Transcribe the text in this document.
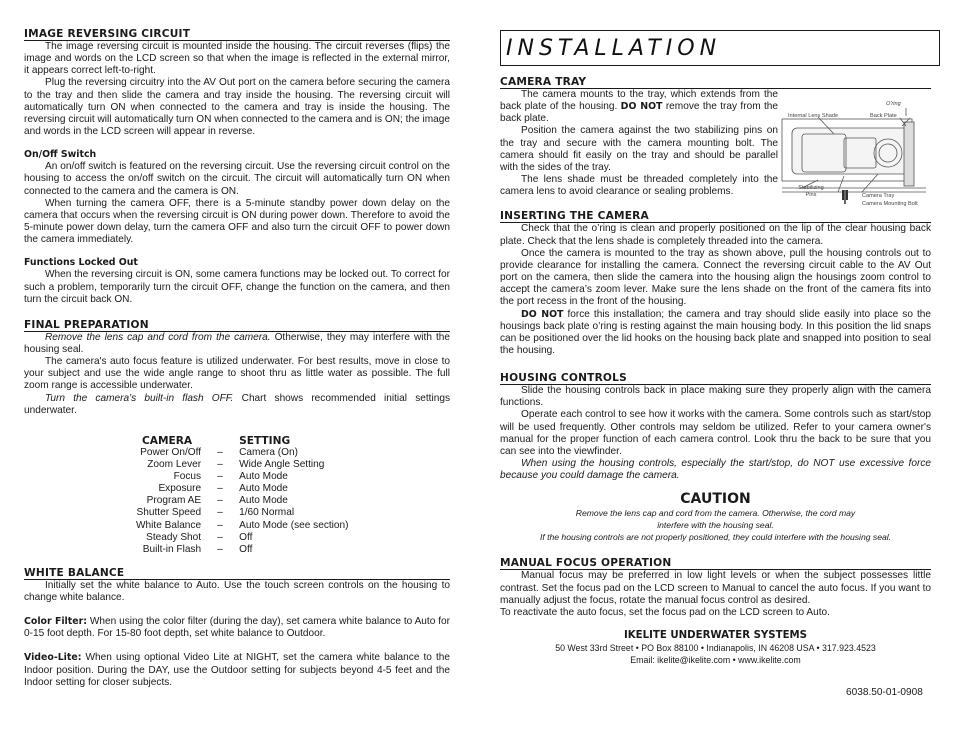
IMAGE REVERSING CIRCUIT

The image reversing circuit is mounted inside the housing. The circuit reverses (flips) the image and words on the LCD screen so that when the image is reflected in the external mirror, it appears correct left-to-right.

Plug the reversing circuitry into the AV Out port on the camera before securing the camera to the tray and then slide the camera and tray inside the housing. The reversing circuit will automatically turn ON when connected to the camera and tray is inside the housing. The reversing circuit will automatically turn ON when connected to the camera and is ON; the image and words in the LCD screen will appear in reverse.

On/Off Switch

An on/off switch is featured on the reversing circuit. Use the reversing circuit control on the housing to access the on/off switch on the circuit. The circuit will automatically turn ON when connected to the camera and the camera is ON.

When turning the camera OFF, there is a 5-minute standby power down delay on the camera that occurs when the reversing circuit is ON during power down. Therefore to avoid the 5-minute power down delay, turn the camera OFF and also turn the circuit OFF to power down the camera immediately.

Functions Locked Out

When the reversing circuit is ON, some camera functions may be locked out. To correct for such a problem, temporarily turn the circuit OFF, change the function on the camera, and then turn the circuit back ON.

FINAL PREPARATION

Remove the lens cap and cord from the camera. Otherwise, they may interfere with the housing seal.

The camera's auto focus feature is utilized underwater. For best results, move in close to your subject and use the wide angle range to shoot thru as little water as possible. The full zoom range is accessible underwater.

Turn the camera’s built-in flash OFF. Chart shows recommended initial settings underwater.

CAMERA		SETTING
Power On/Off	–	Camera (On)
Zoom Lever	–	Wide Angle Setting
Focus	–	Auto Mode
Exposure	–	Auto Mode
Program AE	–	Auto Mode
Shutter Speed	–	1/60 Normal
White Balance	–	Auto Mode (see section)
Steady Shot	–	Off
Built-in Flash	–	Off
WHITE BALANCE

Initially set the white balance to Auto. Use the touch screen controls on the housing to change white balance.

Color Filter: When using the color filter (during the day), set camera white balance to Auto for 0-15 foot depth. For 15-80 foot depth, set white balance to Outdoor.

Video-Lite: When using optional Video Lite at NIGHT, set the camera white balance to the Indoor position. During the DAY, use the Outdoor setting for subjects beyond 4-5 feet and the Indoor setting for closer subjects.

INSTALLATION
CAMERA TRAY

The camera mounts to the tray, which extends from the back plate of the housing. DO NOT remove the tray from the back plate.

Position the camera against the two stabilizing pins on the tray and secure with the camera mounting bolt. The camera should fit easily on the tray and should be parallel with the sides of the tray.

The lens shade must be threaded completely into the camera lens to avoid clearance or sealing problems.

INSERTING THE CAMERA

Check that the o’ring is clean and properly positioned on the lip of the clear housing back plate. Check that the lens shade is completely threaded into the camera.

Once the camera is mounted to the tray as shown above, pull the housing controls out to provide clearance for installing the camera. Connect the reversing circuit cable to the AV Out port on the camera, then slide the camera into the housing align the housings zoom control to accept the camera’s zoom lever. Make sure the lens shade on the front of the camera fits into the port recess in the front of the housing.

DO NOT force this installation; the camera and tray should slide easily into place so the housings back plate o’ring is resting against the main housing body. In this position the lid snaps can be positioned over the lid hooks on the housing back plate and snapped into position to seal the housing.

HOUSING CONTROLS

Slide the housing controls back in place making sure they properly align with the camera functions.

Operate each control to see how it works with the camera. Some controls such as start/stop will be used frequently. Other controls may seldom be utilized. Refer to your camera owner's manual for the proper function of each camera control. Look thru the back to be sure that you can see into the viewfinder.

When using the housing controls, especially the start/stop, do NOT use excessive force because you could damage the camera.

CAUTION

Remove the lens cap and cord from the camera. Otherwise, the cord may

interfere with the housing seal.

If the housing controls are not properly positioned, they could interfere with the housing seal.

MANUAL FOCUS OPERATION

Manual focus may be preferred in low light levels or when the subject possesses little contrast. Set the focus pad on the LCD screen to Manual to cancel the auto focus. If you want to manually adjust the focus, rotate the manual focus control as desired.

To reactivate the auto focus, set the focus pad on the LCD screen to Auto.

IKELITE UNDERWATER SYSTEMS

50 West 33rd Street • PO Box 88100 • Indianapolis, IN 46208 USA • 317.923.4523

Email: ikelite@ikelite.com • www.ikelite.com

O'ring
Internal Lens Shade	Back Plate
Stabilizing Pins	Camera Tray
Camera Mounting Bolt
6038.50-01-0908
